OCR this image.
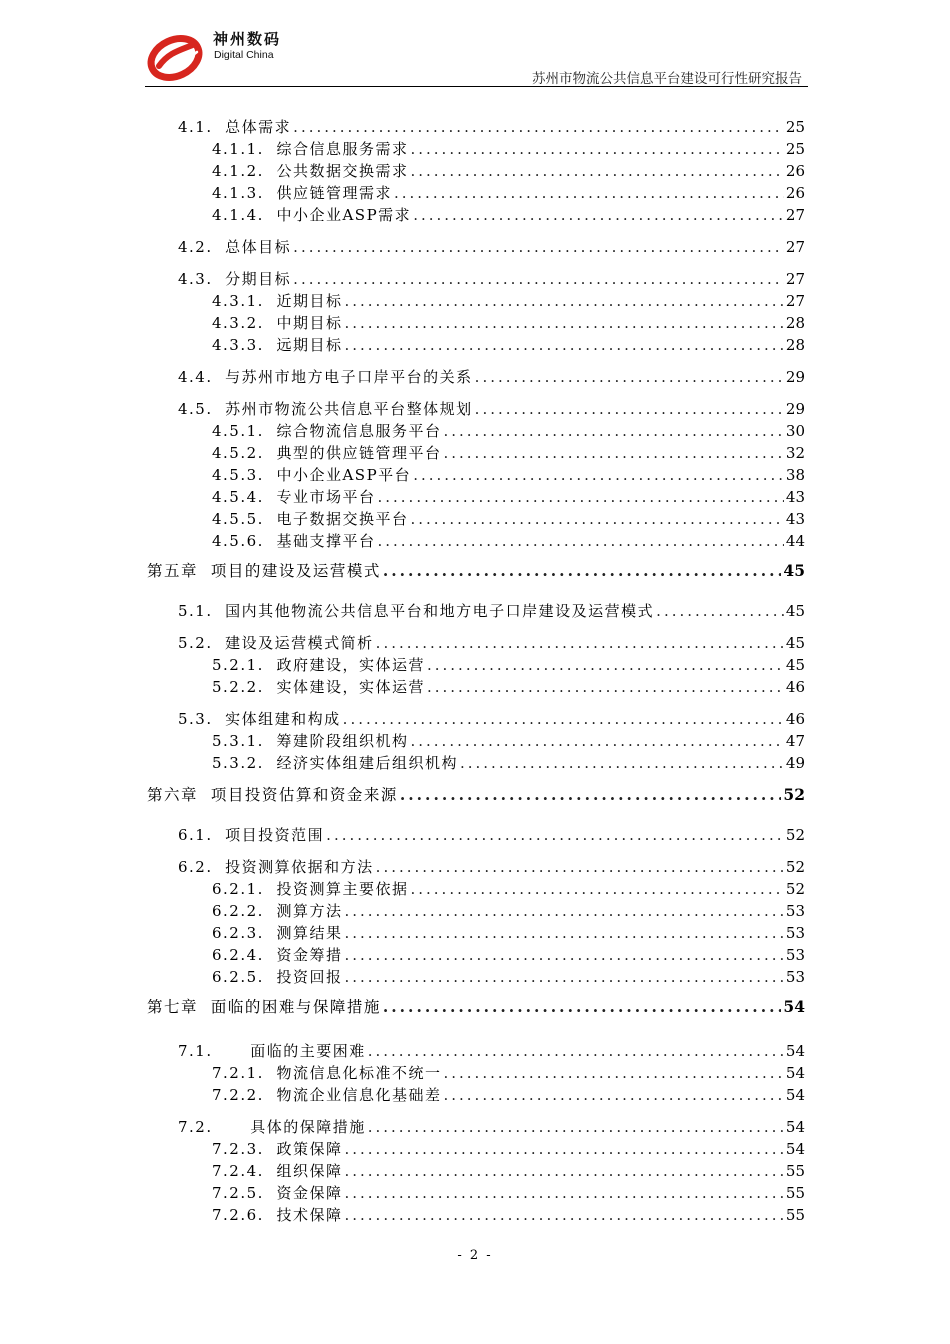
神州数码
Digital China
苏州市物流公共信息平台建设可行性研究报告
4.1.  总体需求 .....	25
4.1.1.  综合信息服务需求 .....	25
4.1.2.  公共数据交换需求 .....	26
4.1.3.  供应链管理需求 .....	26
4.1.4.  中小企业ASP需求 .....	27
4.2.  总体目标 .....	27
4.3.  分期目标 .....	27
4.3.1.  近期目标 .....	27
4.3.2.  中期目标 .....	28
4.3.3.  远期目标 .....	28
4.4.  与苏州市地方电子口岸平台的关系 .....	29
4.5.  苏州市物流公共信息平台整体规划 .....	29
4.5.1.  综合物流信息服务平台 .....	30
4.5.2.  典型的供应链管理平台 .....	32
4.5.3.  中小企业ASP平台 .....	38
4.5.4.  专业市场平台 .....	43
4.5.5.  电子数据交换平台 .....	43
4.5.6.  基础支撑平台 .....	44
第五章  项目的建设及运营模式 .....	45
5.1.  国内其他物流公共信息平台和地方电子口岸建设及运营模式 .....	45
5.2.  建设及运营模式简析 .....	45
5.2.1.  政府建设，实体运营 .....	45
5.2.2.  实体建设，实体运营 .....	46
5.3.  实体组建和构成 .....	46
5.3.1.  筹建阶段组织机构 .....	47
5.3.2.  经济实体组建后组织机构 .....	49
第六章  项目投资估算和资金来源 .....	52
6.1.  项目投资范围 .....	52
6.2.  投资测算依据和方法 .....	52
6.2.1.  投资测算主要依据 .....	52
6.2.2.  测算方法 .....	53
6.2.3.  测算结果 .....	53
6.2.4.  资金筹措 .....	53
6.2.5.  投资回报 .....	53
第七章  面临的困难与保障措施 .....	54
7.1.      面临的主要困难 .....	54
7.2.1.  物流信息化标准不统一 .....	54
7.2.2.  物流企业信息化基础差 .....	54
7.2.      具体的保障措施 .....	54
7.2.3.  政策保障 .....	54
7.2.4.  组织保障 .....	55
7.2.5.  资金保障 .....	55
7.2.6.  技术保障 .....	55
- 2 -
